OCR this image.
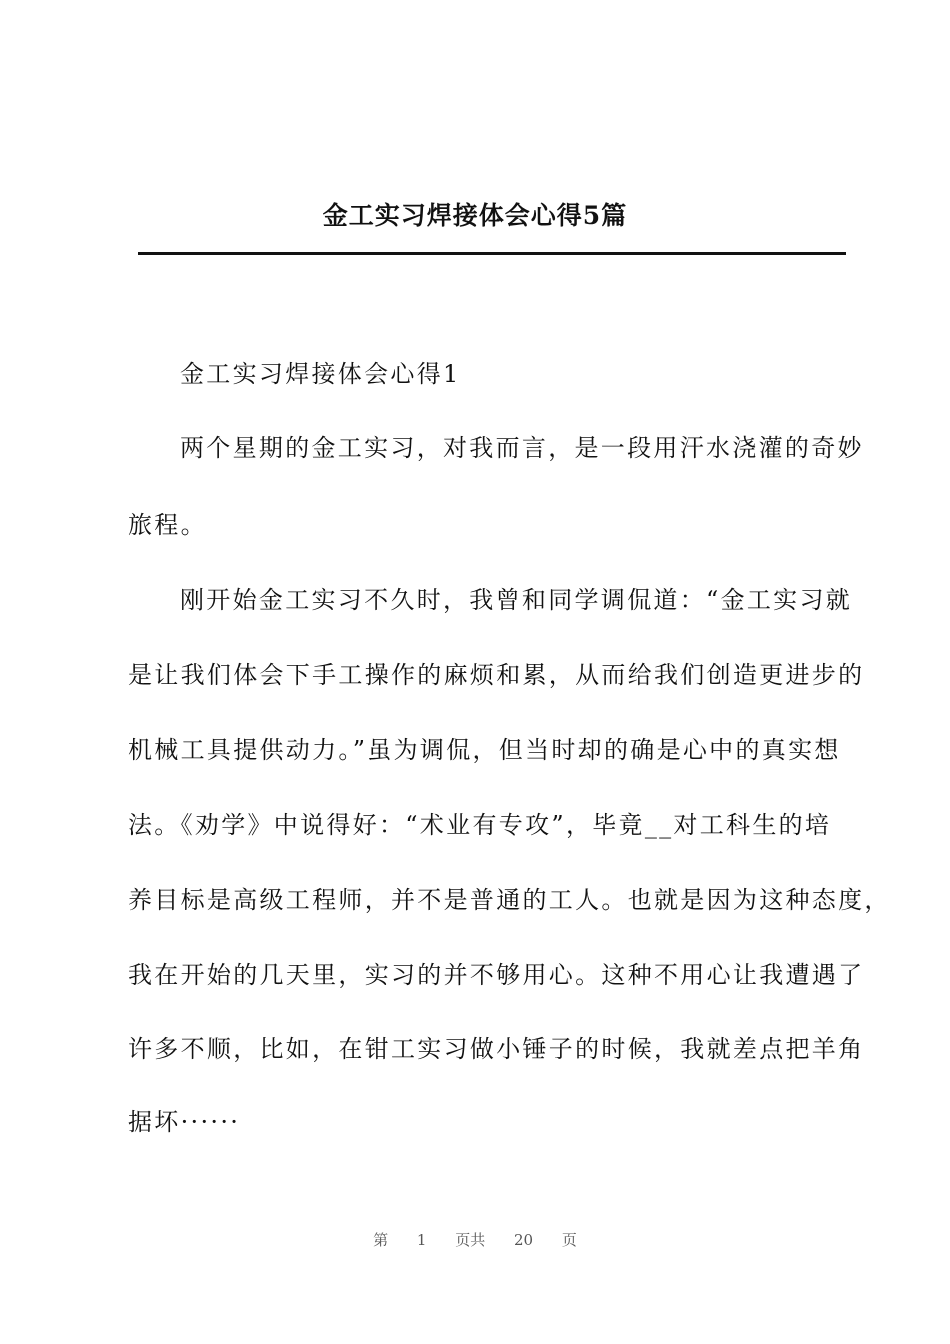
金工实习焊接体会心得5篇
金工实习焊接体会心得1
两个星期的金工实习，对我而言，是一段用汗水浇灌的奇妙
旅程。
刚开始金工实习不久时，我曾和同学调侃道：“金工实习就
是让我们体会下手工操作的麻烦和累，从而给我们创造更进步的
机械工具提供动力。”虽为调侃，但当时却的确是心中的真实想
法。《劝学》中说得好：“术业有专攻”，毕竟__对工科生的培
养目标是高级工程师，并不是普通的工人。也就是因为这种态度，
我在开始的几天里，实习的并不够用心。这种不用心让我遭遇了
许多不顺，比如，在钳工实习做小锤子的时候，我就差点把羊角
据坏······
第 1 页共 20 页
